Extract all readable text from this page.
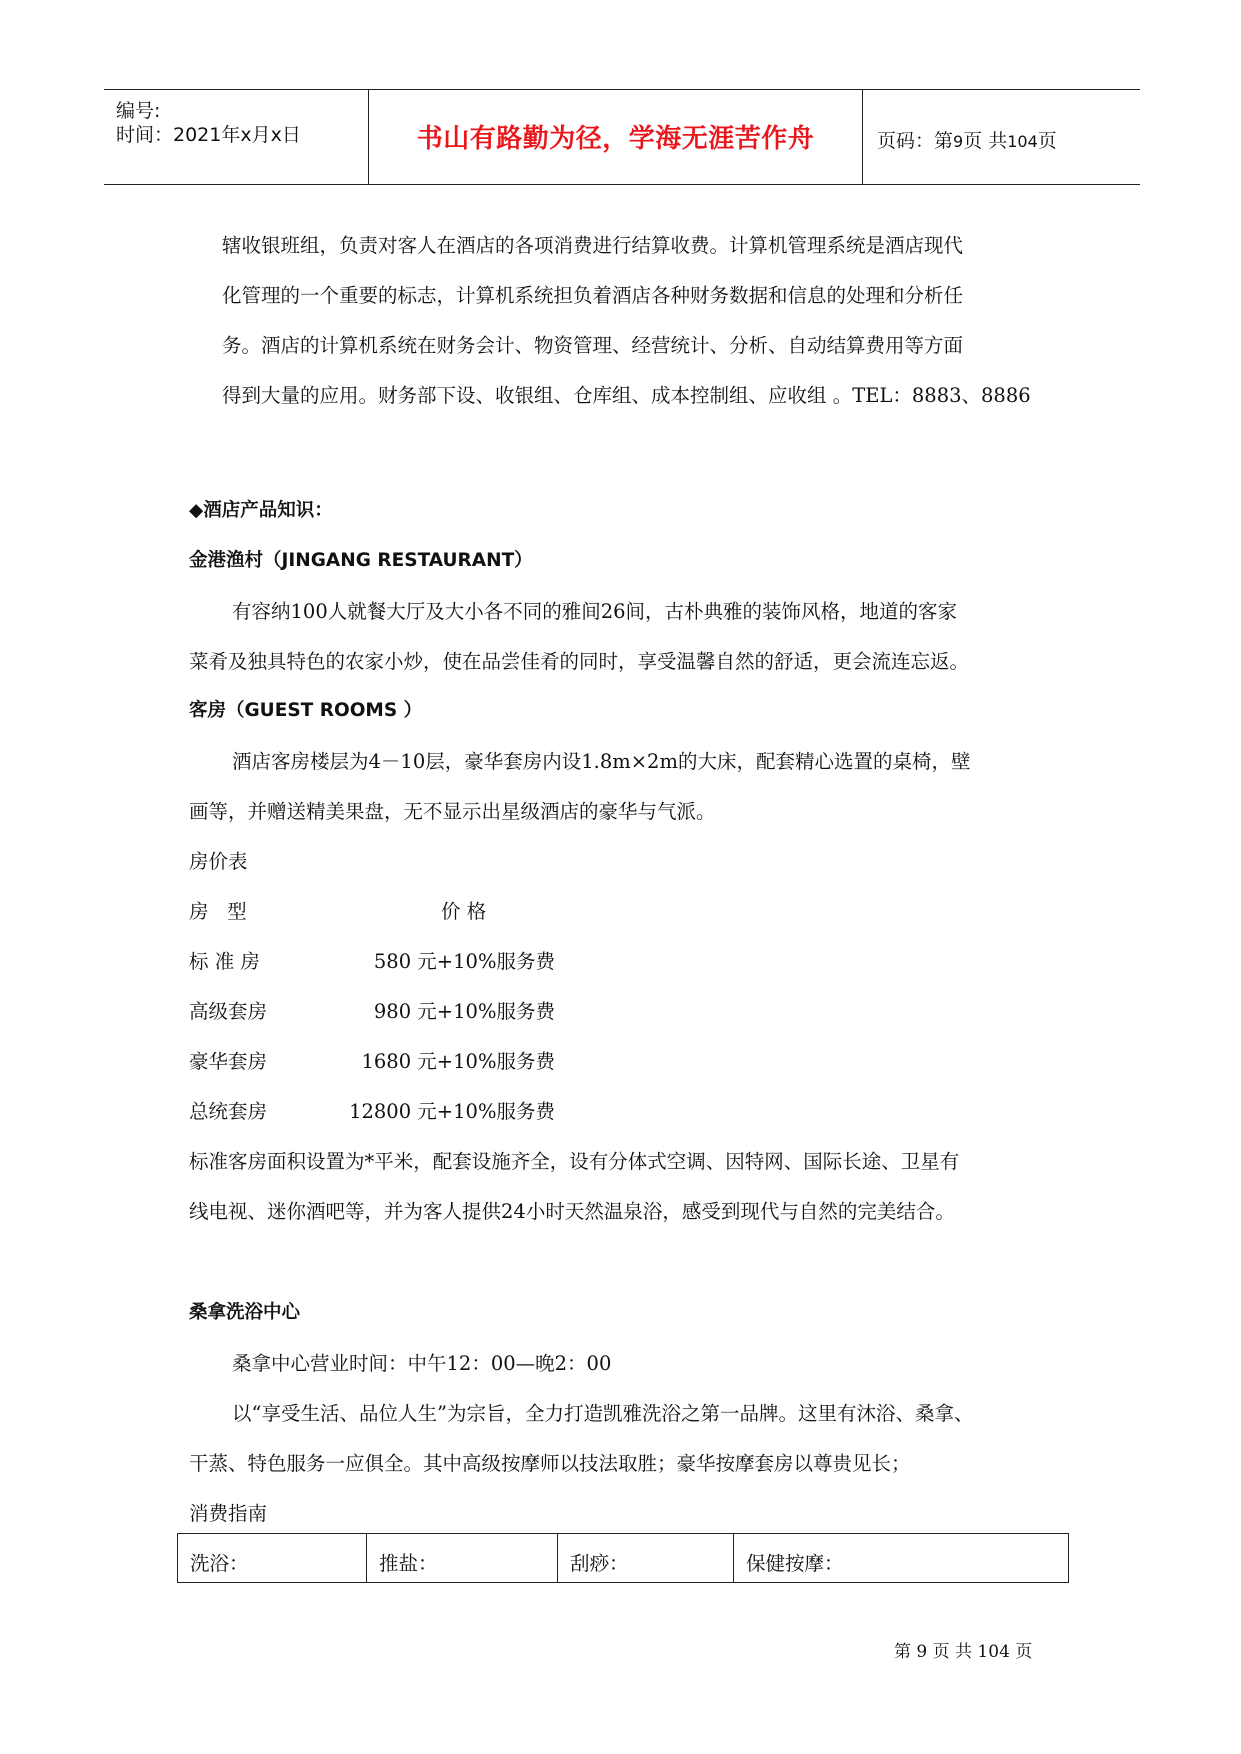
编号:
时间：2021年x月x日	书山有路勤为径，学海无涯苦作舟	页码：第9页 共104页
辖收银班组，负责对客人在酒店的各项消费进行结算收费。计算机管理系统是酒店现代
化管理的一个重要的标志，计算机系统担负着酒店各种财务数据和信息的处理和分析任
务。酒店的计算机系统在财务会计、物资管理、经营统计、分析、自动结算费用等方面
得到大量的应用。财务部下设、收银组、仓库组、成本控制组、应收组 。TEL：8883、8886
◆酒店产品知识：
金港渔村（JINGANG RESTAURANT）
有容纳100人就餐大厅及大小各不同的雅间26间，古朴典雅的装饰风格，地道的客家
菜肴及独具特色的农家小炒，使在品尝佳肴的同时，享受温馨自然的舒适，更会流连忘返。
客房（GUEST ROOMS ）
酒店客房楼层为4－10层，豪华套房内设1.8m×2m的大床，配套精心选置的桌椅，壁
画等，并赠送精美果盘，无不显示出星级酒店的豪华与气派。
房价表
房   型	价 格
标 准 房	580 元+10%服务费
高级套房	980 元+10%服务费
豪华套房	1680 元+10%服务费
总统套房	12800 元+10%服务费
标准客房面积设置为*平米，配套设施齐全，设有分体式空调、因特网、国际长途、卫星有
线电视、迷你酒吧等，并为客人提供24小时天然温泉浴，感受到现代与自然的完美结合。
桑拿洗浴中心
桑拿中心营业时间：中午12：00—晚2：00
以“享受生活、品位人生”为宗旨，全力打造凯雅洗浴之第一品牌。这里有沐浴、桑拿、
干蒸、特色服务一应俱全。其中高级按摩师以技法取胜；豪华按摩套房以尊贵见长；
消费指南
洗浴：	推盐：	刮痧：	保健按摩：
第 9 页 共 104 页
